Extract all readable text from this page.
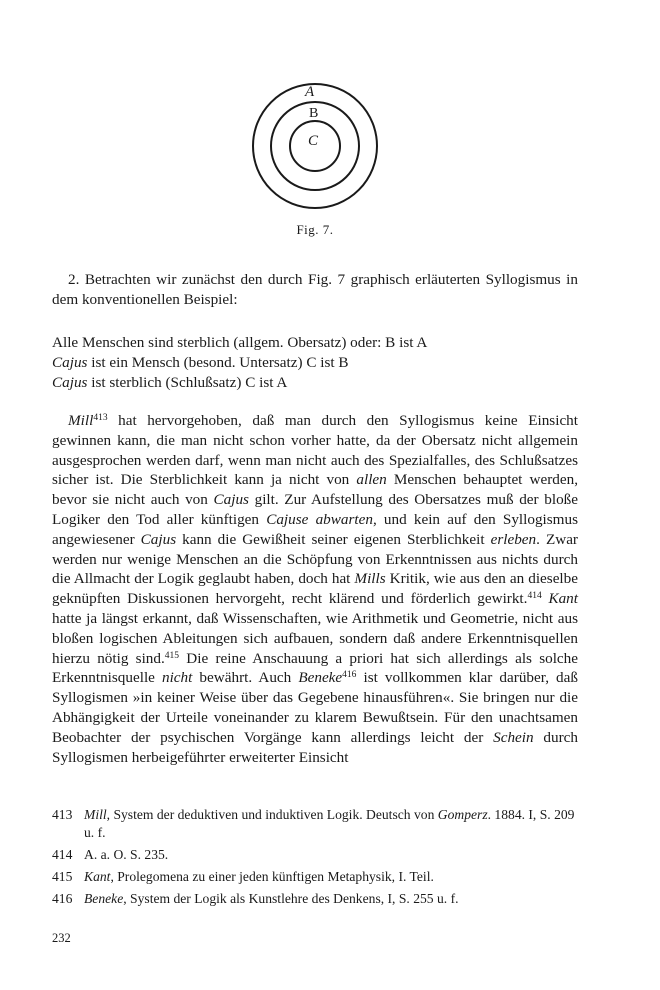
A
B
C
Fig. 7.
2. Betrachten wir zunächst den durch Fig. 7 graphisch erläuterten Syllogismus in dem konventionellen Beispiel:
Alle Menschen sind sterblich (allgem. Obersatz) oder: B ist A
Cajus ist ein Mensch (besond. Untersatz) C ist B
Cajus ist sterblich (Schlußsatz) C ist A
Mill$^{413}$ hat hervorgehoben, daß man durch den Syllogismus keine Einsicht gewinnen kann, die man nicht schon vorher hatte, da der Obersatz nicht allgemein ausgesprochen werden darf, wenn man nicht auch des Spezialfalles, des Schlußsatzes sicher ist. Die Sterblichkeit kann ja nicht von allen Menschen behauptet werden, bevor sie nicht auch von Cajus gilt. Zur Aufstellung des Obersatzes muß der bloße Logiker den Tod aller künftigen Cajuse abwarten, und kein auf den Syllogismus angewiesener Cajus kann die Gewißheit seiner eigenen Sterblichkeit erleben. Zwar werden nur wenige Menschen an die Schöpfung von Erkenntnissen aus nichts durch die Allmacht der Logik geglaubt haben, doch hat Mills Kritik, wie aus den an dieselbe geknüpften Diskussionen hervorgeht, recht klärend und förderlich gewirkt.$^{414}$ Kant hatte ja längst erkannt, daß Wissenschaften, wie Arithmetik und Geometrie, nicht aus bloßen logischen Ableitungen sich aufbauen, sondern daß andere Erkenntnisquellen hierzu nötig sind.$^{415}$ Die reine Anschauung a priori hat sich allerdings als solche Erkenntnisquelle nicht bewährt. Auch Beneke$^{416}$ ist vollkommen klar darüber, daß Syllogismen »in keiner Weise über das Gegebene hinausführen«. Sie bringen nur die Abhängigkeit der Urteile voneinander zu klarem Bewußtsein. Für den unachtsamen Beobachter der psychischen Vorgänge kann allerdings leicht der Schein durch Syllogismen herbeigeführter erweiterter Einsicht
413 Mill, System der deduktiven und induktiven Logik. Deutsch von Gomperz. 1884. I, S. 209 u. f.
414 A. a. O. S. 235.
415 Kant, Prolegomena zu einer jeden künftigen Metaphysik, I. Teil.
416 Beneke, System der Logik als Kunstlehre des Denkens, I, S. 255 u. f.
232
